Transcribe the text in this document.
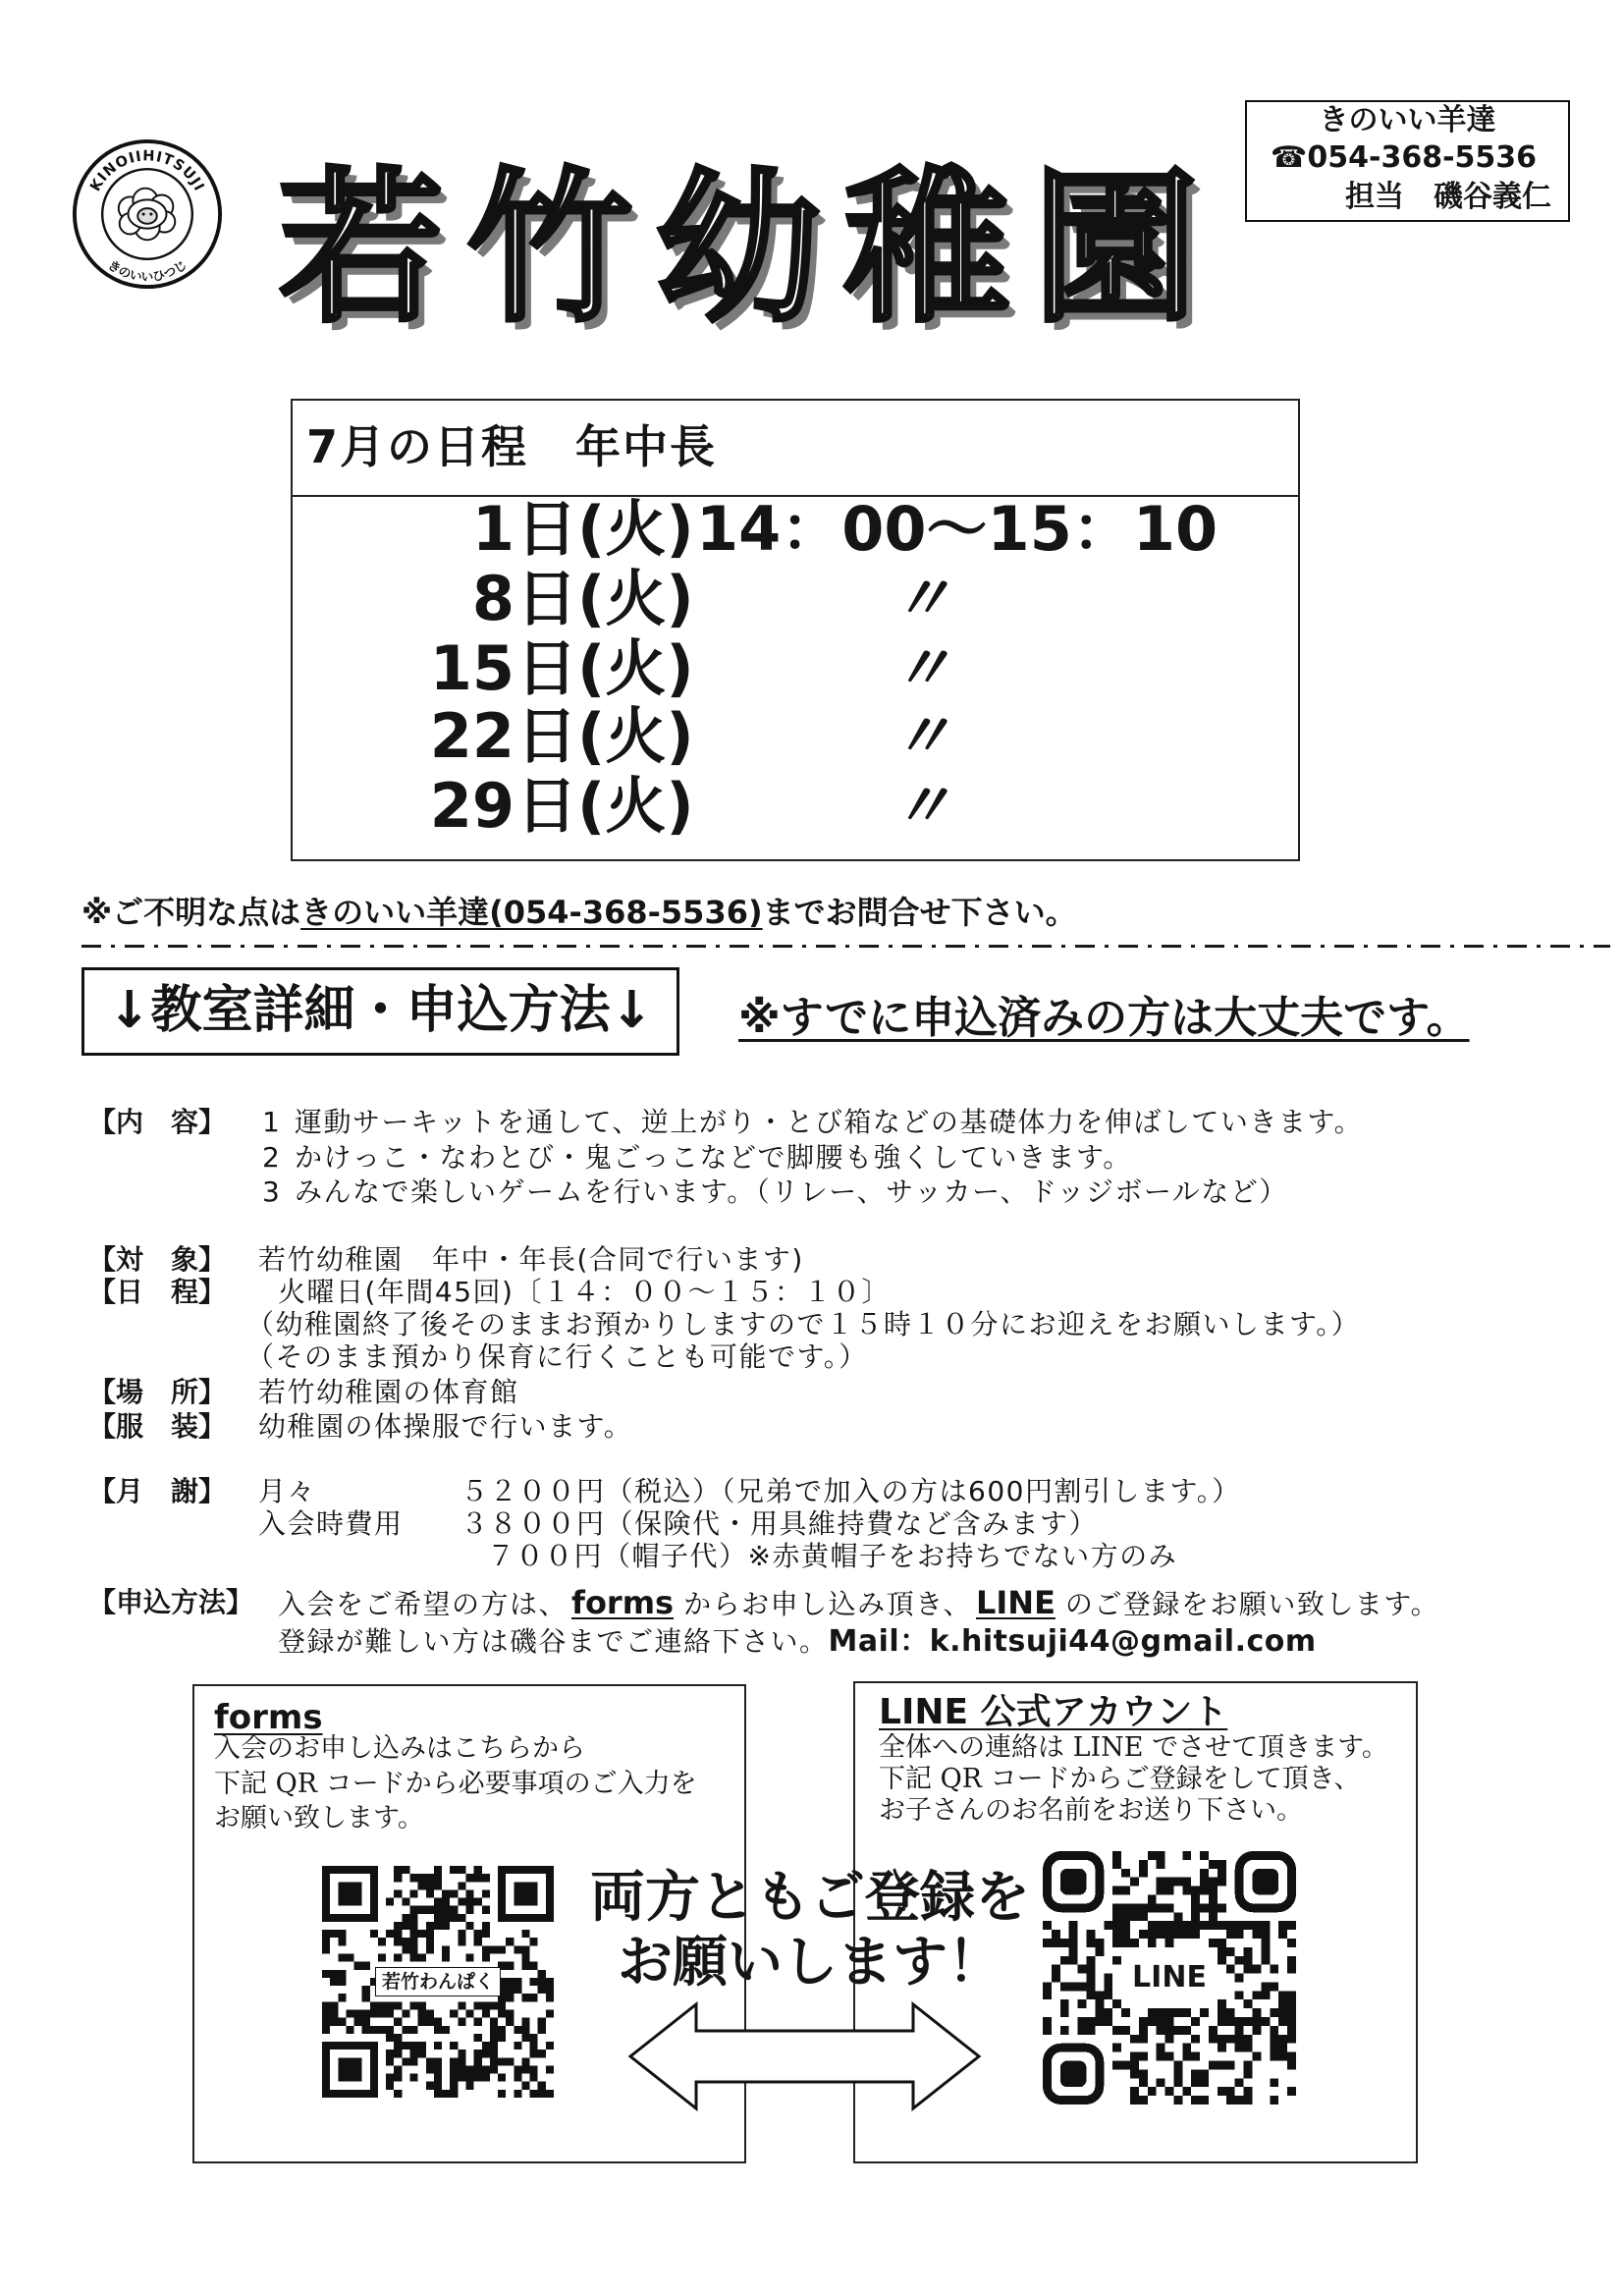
KINOIIHITSUJI
きのいいひつじ 若竹幼稚園
きのいい羊達
☎054-368-5536
担当　磯谷義仁
7月の日程　年中長
1 日 (火) 14：00～15：10
8 日 (火)	〃
15 日 (火)	〃
22 日 (火)	〃
29 日 (火)	〃
※ご不明な点はきのいい羊達(054-368-5536)までお問合せ下さい。
↓教室詳細・申込方法↓	※すでに申込済みの方は大丈夫です。
【内　容】 1 運動サーキットを通して、逆上がり・とび箱などの基礎体力を伸ばしていきます。
2 かけっこ・なわとび・鬼ごっこなどで脚腰も強くしていきます。
3 みんなで楽しいゲームを行います。（リレー、サッカー、ドッジボールなど）
【対　象】 若竹幼稚園　年中・年長(合同で行います)
【日　程】 火曜日(年間45回)〔１４：００～１５：１０〕
（幼稚園終了後そのままお預かりしますので１５時１０分にお迎えをお願いします。）
（そのまま預かり保育に行くことも可能です。）
【場　所】 若竹幼稚園の体育館
【服　装】 幼稚園の体操服で行います。
【月　謝】 月々	５２００円（税込）（兄弟で加入の方は600円割引します。）
入会時費用 ３８００円（保険代・用具維持費など含みます）
７００円（帽子代）※赤黄帽子をお持ちでない方のみ
【申込方法】 入会をご希望の方は、 forms からお申し込み頂き、 LINE のご登録をお願い致します。
登録が難しい方は磯谷までご連絡下さい。Mail：k.hitsuji44@gmail.com
forms
入会のお申し込みはこちらから
下記 QR コードから必要事項のご入力を
お願い致します。
若竹わんぱく
LINE 公式アカウント
全体への連絡は LINE でさせて頂きます。
下記 QR コードからご登録をして頂き、
お子さんのお名前をお送り下さい。
LINE
両方ともご登録を
お願いします！
